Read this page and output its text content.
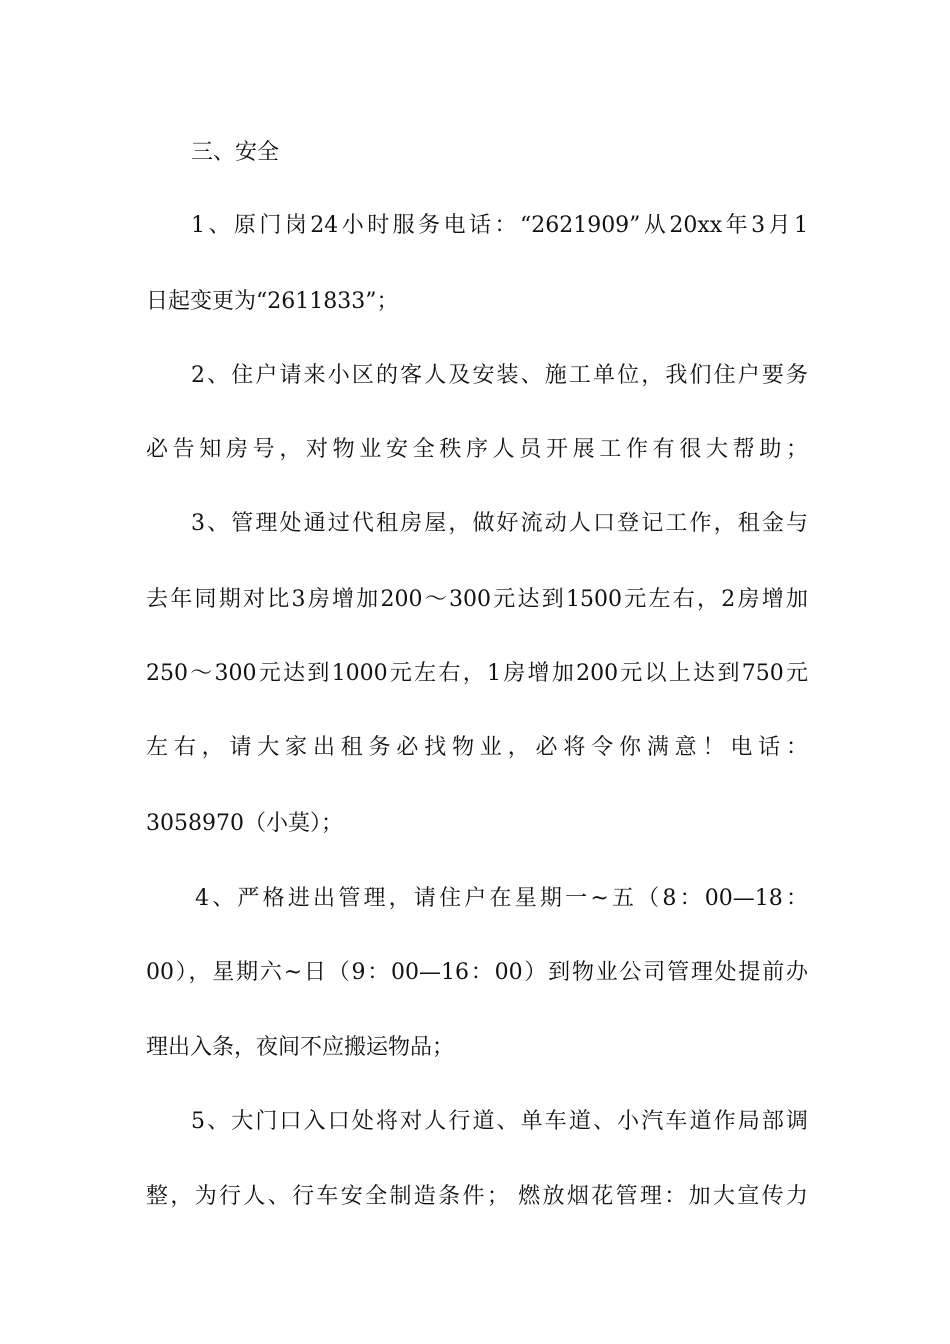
三、安全
1、原门岗24小时服务电话：“2621909”从20xx年3月1
日起变更为“2611833”；
2、住户请来小区的客人及安装、施工单位，我们住户要务
必告知房号，对物业安全秩序人员开展工作有很大帮助；
3、管理处通过代租房屋，做好流动人口登记工作，租金与
去年同期对比3房增加200～300元达到1500元左右，2房增加
250～300元达到1000元左右，1房增加200元以上达到750元
左右，请大家出租务必找物业，必将令你满意！电话：
3058970（小莫）；
4、严格进出管理，请住户在星期一~五（8：00—18：
00），星期六~日（9：00—16：00）到物业公司管理处提前办
理出入条，夜间不应搬运物品；
5、大门口入口处将对人行道、单车道、小汽车道作局部调
整，为行人、行车安全制造条件； 燃放烟花管理：加大宣传力
